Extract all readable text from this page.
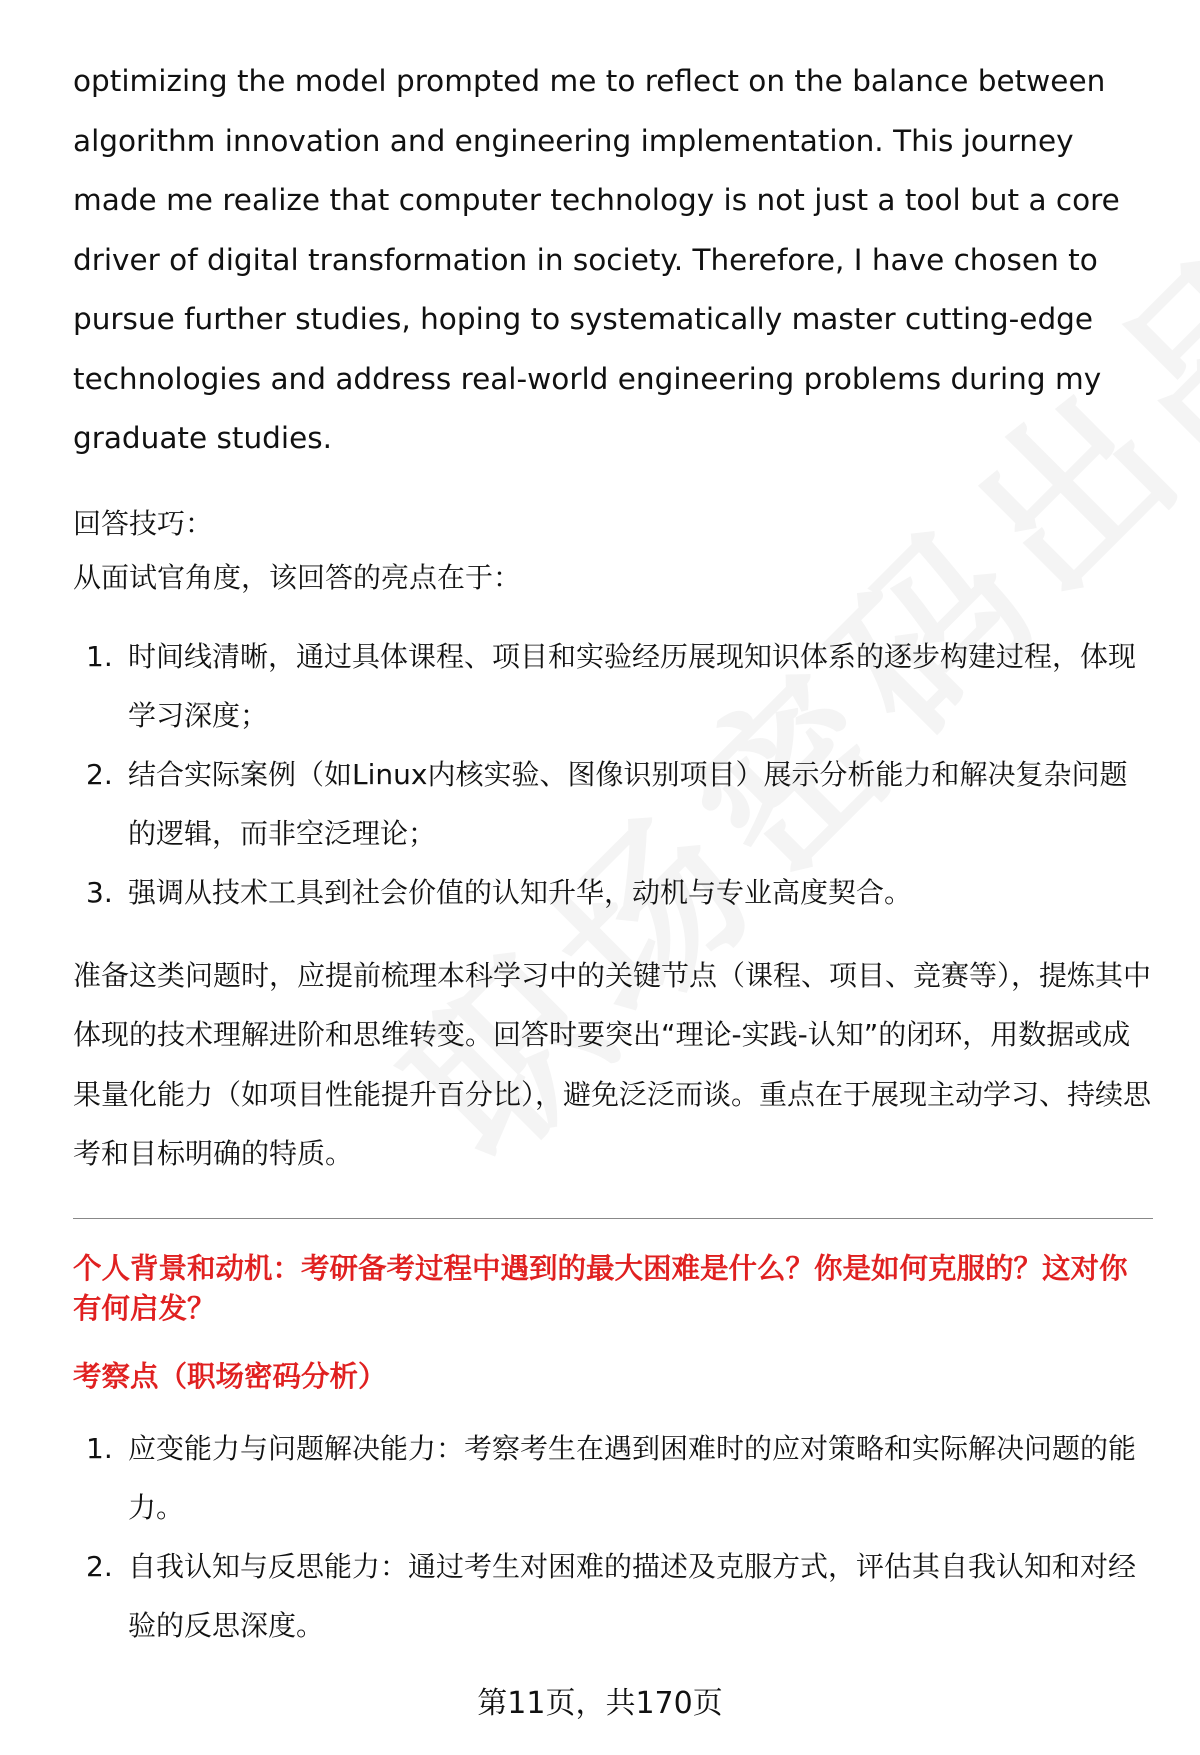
optimizing the model prompted me to reflect on the balance between algorithm innovation and engineering implementation. This journey made me realize that computer technology is not just a tool but a core driver of digital transformation in society. Therefore, I have chosen to pursue further studies, hoping to systematically master cutting-edge technologies and address real-world engineering problems during my graduate studies.

回答技巧：
从面试官角度，该回答的亮点在于：
1. 时间线清晰，通过具体课程、项目和实验经历展现知识体系的逐步构建过程，体现学习深度；
2. 结合实际案例（如Linux内核实验、图像识别项目）展示分析能力和解决复杂问题的逻辑，而非空泛理论；
3. 强调从技术工具到社会价值的认知升华，动机与专业高度契合。
准备这类问题时，应提前梳理本科学习中的关键节点（课程、项目、竞赛等），提炼其中体现的技术理解进阶和思维转变。回答时要突出“理论-实践-认知”的闭环，用数据或成果量化能力（如项目性能提升百分比），避免泛泛而谈。重点在于展现主动学习、持续思考和目标明确的特质。
个人背景和动机：考研备考过程中遇到的最大困难是什么？你是如何克服的？这对你有何启发？
考察点（职场密码分析）
1. 应变能力与问题解决能力：考察考生在遇到困难时的应对策略和实际解决问题的能力。
2. 自我认知与反思能力：通过考生对困难的描述及克服方式，评估其自我认知和对经验的反思深度。
第11页，共170页
